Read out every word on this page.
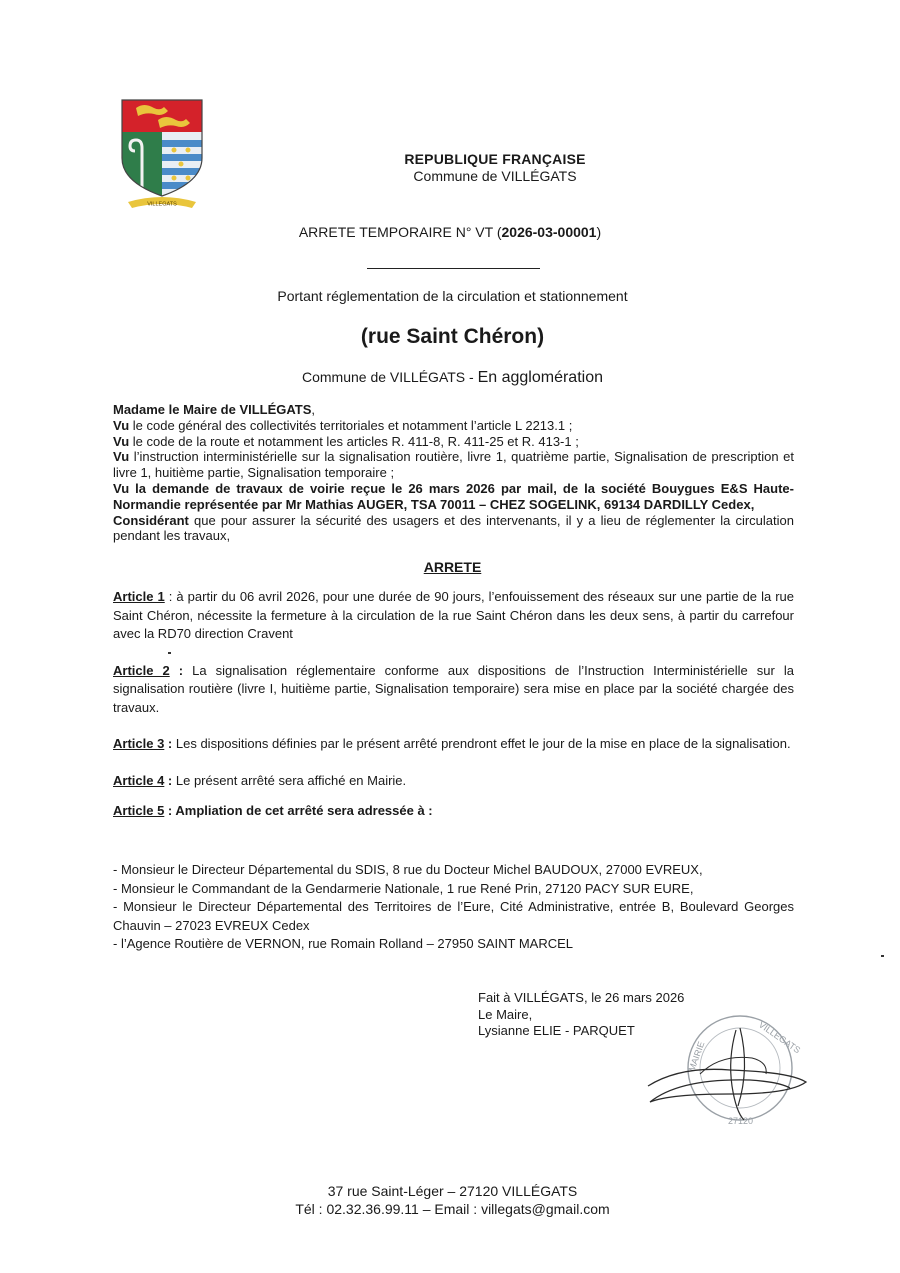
VILLEGATS
REPUBLIQUE FRANÇAISE
Commune de VILLÉGATS
ARRETE TEMPORAIRE N° VT (2026-03-00001)
Portant réglementation de la circulation et stationnement
(rue Saint Chéron)
Commune de VILLÉGATS - En agglomération

Madame le Maire de VILLÉGATS,

Vu le code général des collectivités territoriales et notamment l’article L 2213.1 ;

Vu le code de la route et notamment les articles R. 411-8, R. 411-25 et R. 413-1 ;

Vu l’instruction interministérielle sur la signalisation routière, livre 1, quatrième partie, Signalisation de prescription et livre 1, huitième partie, Signalisation temporaire ;

Vu la demande de travaux de voirie reçue le 26 mars 2026 par mail, de la société Bouygues E&S Haute-Normandie représentée par Mr Mathias AUGER, TSA 70011 – CHEZ SOGELINK, 69134 DARDILLY Cedex,

Considérant que pour assurer la sécurité des usagers et des intervenants, il y a lieu de réglementer la circulation pendant les travaux,

ARRETE

Article 1 : à partir du 06 avril 2026, pour une durée de 90 jours, l’enfouissement des réseaux sur une partie de la rue Saint Chéron, nécessite la fermeture à la circulation de la rue Saint Chéron dans les deux sens, à partir du carrefour avec la RD70 direction Cravent

Article 2 : La signalisation réglementaire conforme aux dispositions de l’Instruction Interministérielle sur la signalisation routière (livre I, huitième partie, Signalisation temporaire) sera mise en place par la société chargée des travaux.

Article 3 : Les dispositions définies par le présent arrêté prendront effet le jour de la mise en place de la signalisation.

Article 4 : Le présent arrêté sera affiché en Mairie.

Article 5 : Ampliation de cet arrêté sera adressée à :

- Monsieur le Directeur Départemental du SDIS, 8 rue du Docteur Michel BAUDOUX, 27000 EVREUX,

- Monsieur le Commandant de la Gendarmerie Nationale, 1 rue René Prin, 27120 PACY SUR EURE,

- Monsieur le Directeur Départemental des Territoires de l’Eure, Cité Administrative, entrée B, Boulevard Georges Chauvin – 27023 EVREUX Cedex

- l’Agence Routière de VERNON, rue Romain Rolland – 27950 SAINT MARCEL

Fait à VILLÉGATS, le 26 mars 2026
Le Maire,
Lysianne ELIE - PARQUET
MAIRIE
VILLEGATS
27120
37 rue Saint-Léger – 27120 VILLÉGATS
Tél : 02.32.36.99.11 – Email : villegats@gmail.com
